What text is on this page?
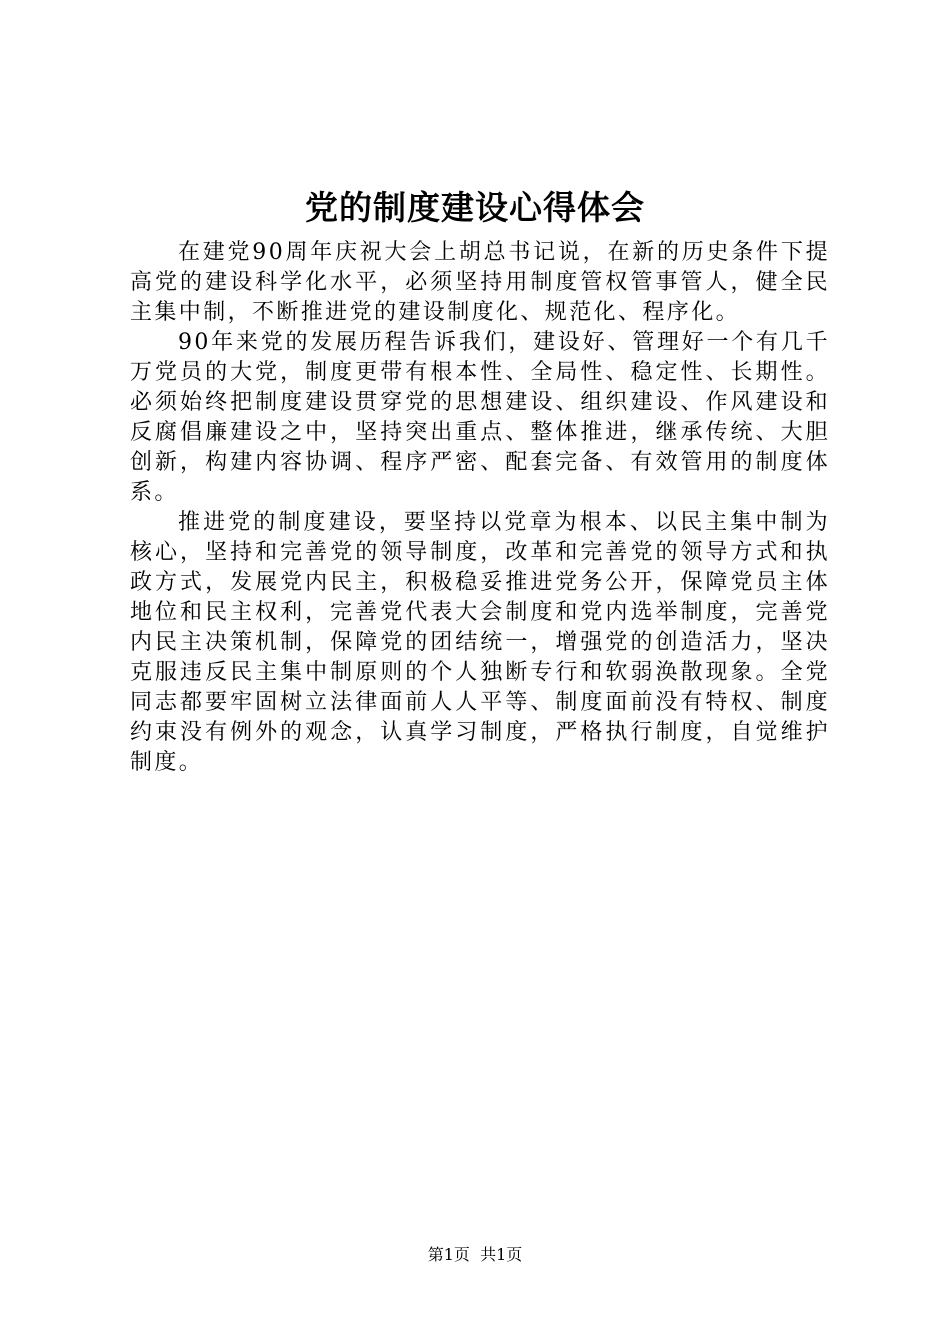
党的制度建设心得体会

在建党90周年庆祝大会上胡总书记说，在新的历史条件下提高党的建设科学化水平，必须坚持用制度管权管事管人，健全民主集中制，不断推进党的建设制度化、规范化、程序化。

90年来党的发展历程告诉我们，建设好、管理好一个有几千万党员的大党，制度更带有根本性、全局性、稳定性、长期性。必须始终把制度建设贯穿党的思想建设、组织建设、作风建设和反腐倡廉建设之中，坚持突出重点、整体推进，继承传统、大胆创新，构建内容协调、程序严密、配套完备、有效管用的制度体系。

推进党的制度建设，要坚持以党章为根本、以民主集中制为核心，坚持和完善党的领导制度，改革和完善党的领导方式和执政方式，发展党内民主，积极稳妥推进党务公开，保障党员主体地位和民主权利，完善党代表大会制度和党内选举制度，完善党内民主决策机制，保障党的团结统一，增强党的创造活力，坚决克服违反民主集中制原则的个人独断专行和软弱涣散现象。全党同志都要牢固树立法律面前人人平等、制度面前没有特权、制度约束没有例外的观念，认真学习制度，严格执行制度，自觉维护制度。

第1页  共1页
